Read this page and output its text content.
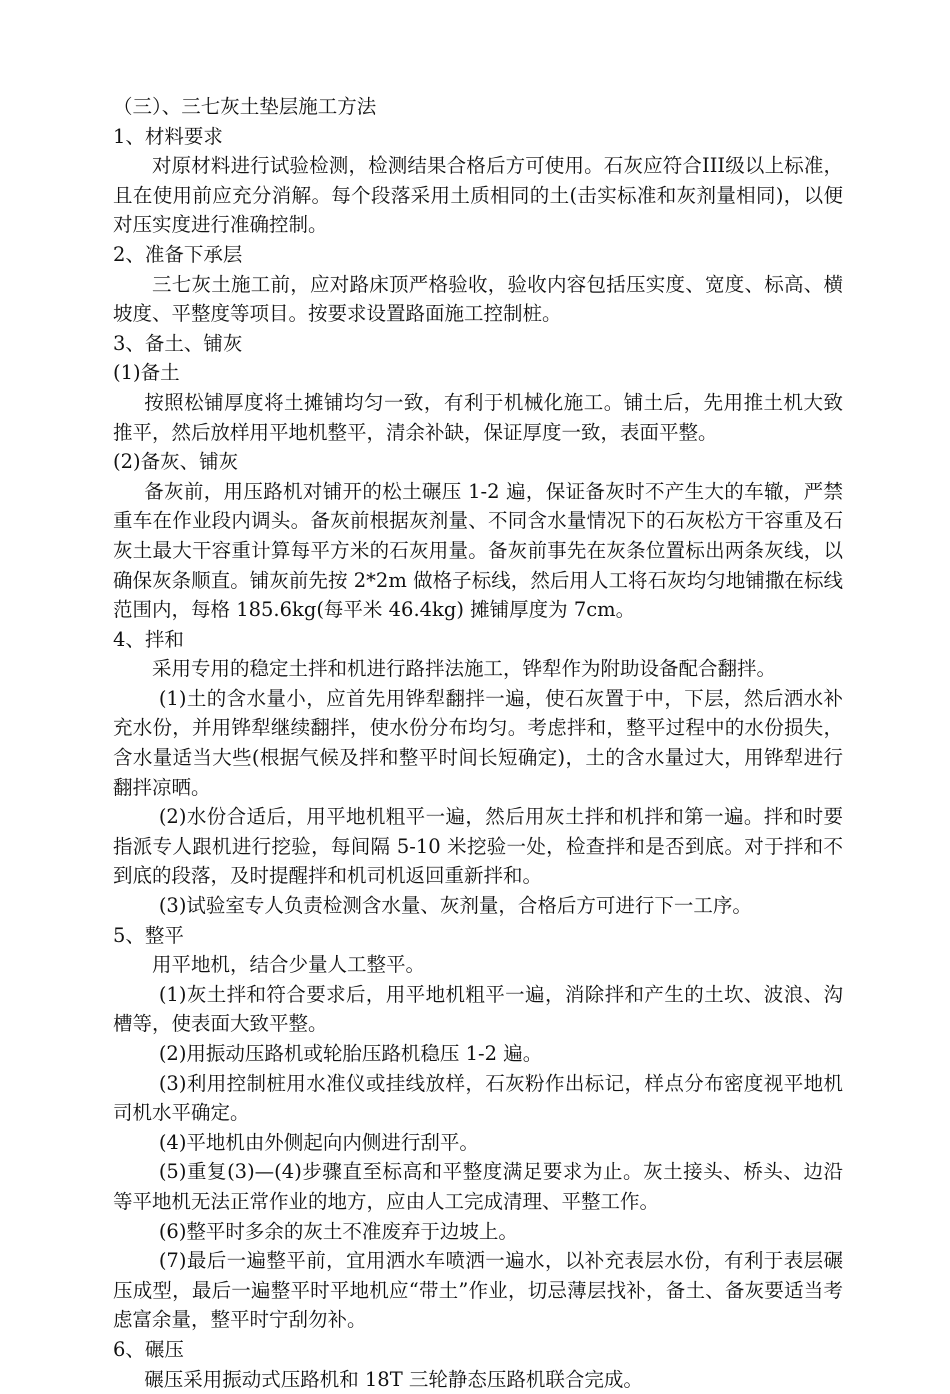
（三）、三七灰土垫层施工方法

1、材料要求

对原材料进行试验检测，检测结果合格后方可使用。石灰应符合III级以上标准，且在使用前应充分消解。每个段落采用土质相同的土(击实标准和灰剂量相同)，以便对压实度进行准确控制。

2、准备下承层

三七灰土施工前，应对路床顶严格验收，验收内容包括压实度、宽度、标高、横坡度、平整度等项目。按要求设置路面施工控制桩。

3、备土、铺灰

(1)备土

按照松铺厚度将土摊铺均匀一致，有利于机械化施工。铺土后，先用推土机大致推平，然后放样用平地机整平，清余补缺，保证厚度一致，表面平整。

(2)备灰、铺灰

备灰前，用压路机对铺开的松土碾压 1-2 遍，保证备灰时不产生大的车辙，严禁重车在作业段内调头。备灰前根据灰剂量、不同含水量情况下的石灰松方干容重及石灰土最大干容重计算每平方米的石灰用量。备灰前事先在灰条位置标出两条灰线，以确保灰条顺直。铺灰前先按 2*2m 做格子标线，然后用人工将石灰均匀地铺撒在标线范围内，每格 185.6kg(每平米 46.4kg) 摊铺厚度为 7cm。

4、拌和

采用专用的稳定土拌和机进行路拌法施工，铧犁作为附助设备配合翻拌。

(1)土的含水量小，应首先用铧犁翻拌一遍，使石灰置于中，下层，然后洒水补充水份，并用铧犁继续翻拌，使水份分布均匀。考虑拌和，整平过程中的水份损失，含水量适当大些(根据气候及拌和整平时间长短确定)，土的含水量过大，用铧犁进行翻拌凉晒。

(2)水份合适后，用平地机粗平一遍，然后用灰土拌和机拌和第一遍。拌和时要指派专人跟机进行挖验，每间隔 5-10 米挖验一处，检查拌和是否到底。对于拌和不到底的段落，及时提醒拌和机司机返回重新拌和。

(3)试验室专人负责检测含水量、灰剂量，合格后方可进行下一工序。

5、整平

用平地机，结合少量人工整平。

(1)灰土拌和符合要求后，用平地机粗平一遍，消除拌和产生的土坎、波浪、沟槽等，使表面大致平整。

(2)用振动压路机或轮胎压路机稳压 1-2 遍。

(3)利用控制桩用水准仪或挂线放样，石灰粉作出标记，样点分布密度视平地机司机水平确定。

(4)平地机由外侧起向内侧进行刮平。

(5)重复(3)—(4)步骤直至标高和平整度满足要求为止。灰土接头、桥头、边沿等平地机无法正常作业的地方，应由人工完成清理、平整工作。

(6)整平时多余的灰土不准废弃于边坡上。

(7)最后一遍整平前，宜用洒水车喷洒一遍水，以补充表层水份，有利于表层碾压成型，最后一遍整平时平地机应“带土”作业，切忌薄层找补，备土、备灰要适当考虑富余量，整平时宁刮勿补。

6、碾压

碾压采用振动式压路机和 18T 三轮静态压路机联合完成。
